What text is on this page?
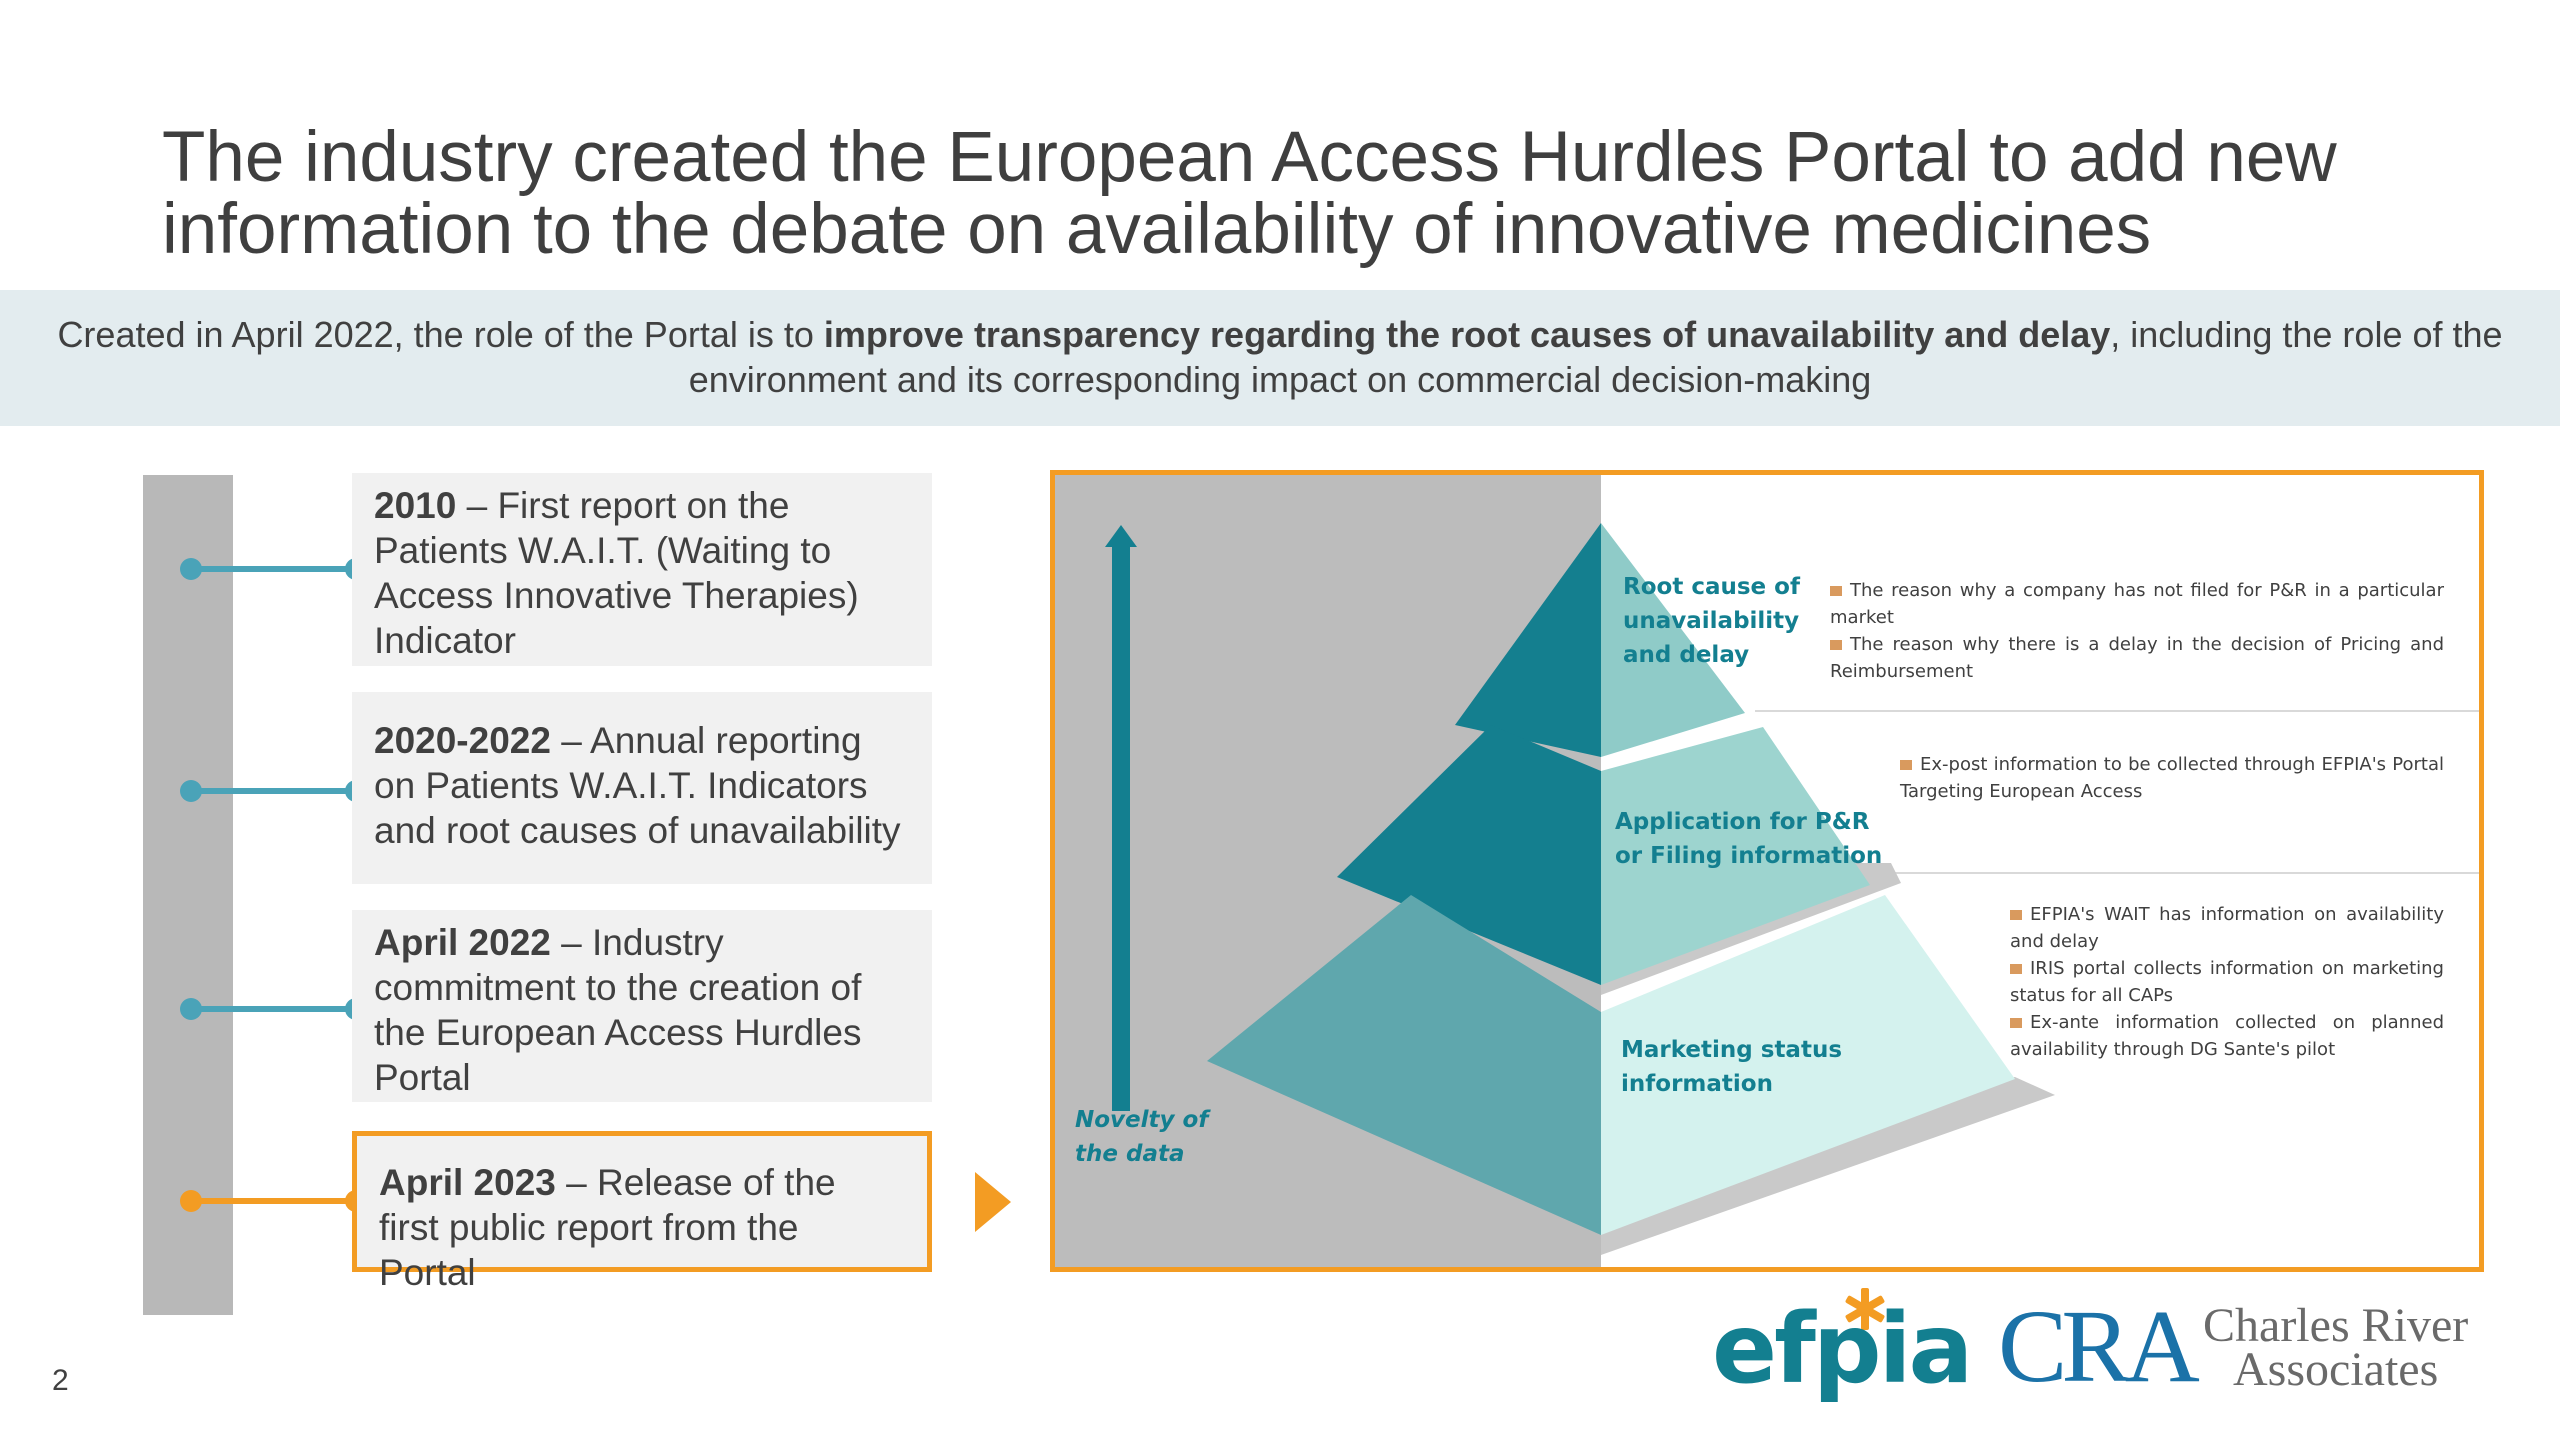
The industry created the European Access Hurdles Portal to add new
information to the debate on availability of innovative medicines
Created in April 2022, the role of the Portal is to improve transparency regarding the root causes of unavailability and delay, including the role of the environment and its corresponding impact on commercial decision-making
2010 – First report on the Patients W.A.I.T. (Waiting to Access Innovative Therapies) Indicator
2020-2022 – Annual reporting on Patients W.A.I.T. Indicators and root causes of unavailability
April 2022 – Industry commitment to the creation of the European Access Hurdles Portal
April 2023 – Release of the first public report from the Portal
Root cause of
unavailability
and delay
Application for P&R
or Filing information
Marketing status
information
Novelty of
the data
The reason why a company has not filed for P&R in a particular market
The reason why there is a delay in the decision of Pricing and Reimbursement
Ex-post information to be collected through EFPIA's Portal Targeting European Access
EFPIA's WAIT has information on availability and delay
IRIS portal collects information on marketing status for all CAPs
Ex-ante information collected on planned availability through DG Sante's pilot
efpia CRA Charles River
Associates
2
